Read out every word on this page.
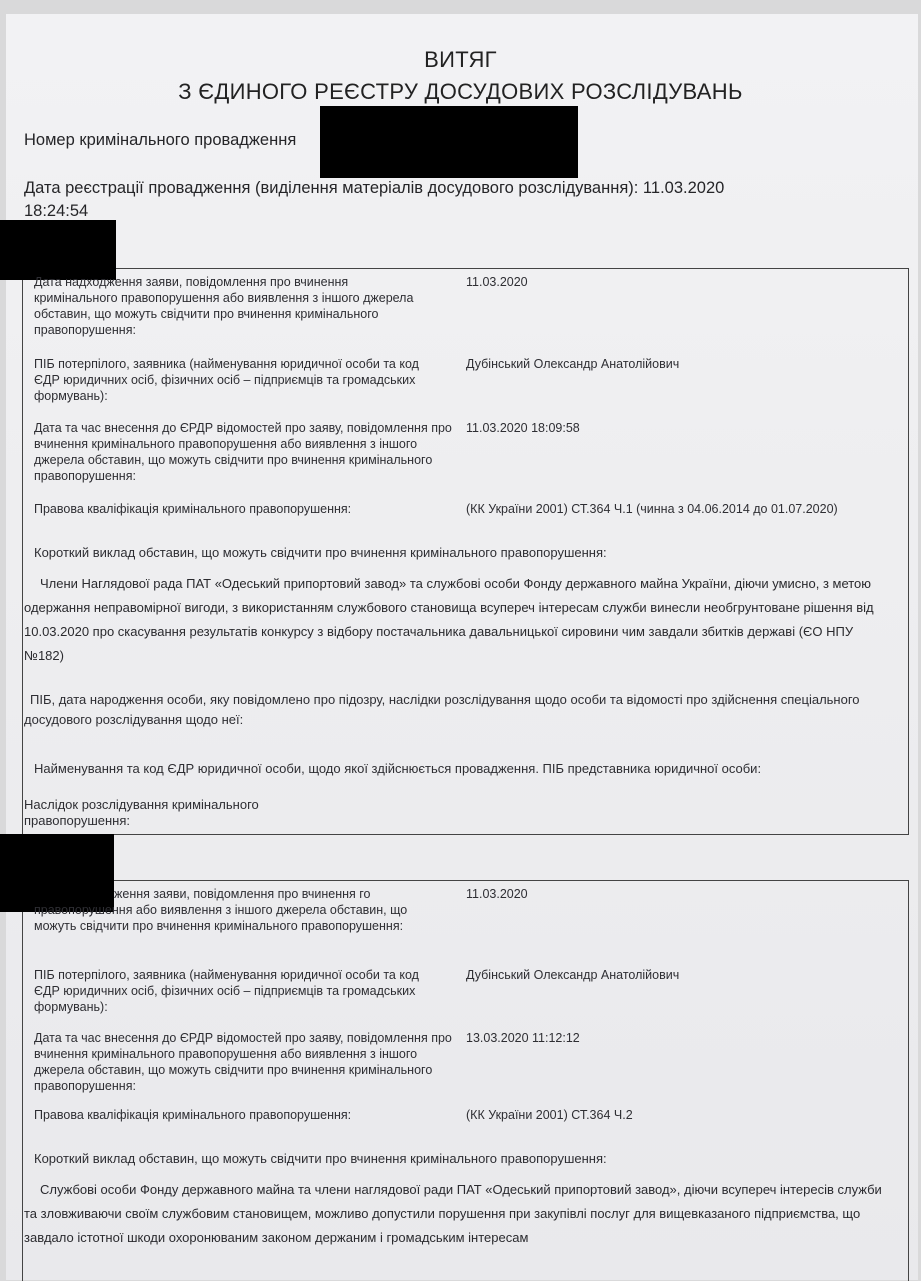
ВИТЯГ
З ЄДИНОГО РЕЄСТРУ ДОСУДОВИХ РОЗСЛІДУВАНЬ
Номер кримінального провадження
Дата реєстрації провадження (виділення матеріалів досудового розслідування): 11.03.2020
18:24:54
Дата надходження заяви, повідомлення про вчинення кримінального правопорушення або виявлення з іншого джерела обставин, що можуть свідчити про вчинення кримінального правопорушення:
11.03.2020
ПІБ потерпілого, заявника (найменування юридичної особи та код ЄДР юридичних осіб, фізичних осіб – підприємців та громадських формувань):
Дубінський Олександр Анатолійович
Дата та час внесення до ЄРДР відомостей про заяву, повідомлення про вчинення кримінального правопорушення або виявлення з іншого джерела обставин, що можуть свідчити про вчинення кримінального правопорушення:
11.03.2020 18:09:58
Правова кваліфікація кримінального правопорушення:	(КК України 2001) СТ.364 Ч.1 (чинна з 04.06.2014 до 01.07.2020)
Короткий виклад обставин, що можуть свідчити про вчинення кримінального правопорушення:
Члени Наглядової рада ПАТ «Одеський припортовий завод» та службові особи Фонду державного майна України, діючи умисно, з метою одержання неправомірної вигоди, з використанням службового становища всупереч інтересам служби винесли необгрунтоване рішення від 10.03.2020 про скасування результатів конкурсу з відбору постачальника давальницької сировини чим завдали збитків державі (ЄО НПУ №182)
ПІБ, дата народження особи, яку повідомлено про підозру, наслідки розслідування щодо особи та відомості про здійснення спеціального досудового розслідування щодо неї:
Найменування та код ЄДР юридичної особи, щодо якої здійснюється провадження. ПІБ представника юридичної особи:
Наслідок розслідування кримінального правопорушення:
ження заяви, повідомлення про вчинення го правопорушення або виявлення з іншого джерела обставин, що можуть свідчити про вчинення кримінального правопорушення:
11.03.2020
ПІБ потерпілого, заявника (найменування юридичної особи та код ЄДР юридичних осіб, фізичних осіб – підприємців та громадських формувань):
Дубінський Олександр Анатолійович
Дата та час внесення до ЄРДР відомостей про заяву, повідомлення про вчинення кримінального правопорушення або виявлення з іншого джерела обставин, що можуть свідчити про вчинення кримінального правопорушення:
13.03.2020 11:12:12
Правова кваліфікація кримінального правопорушення:	(КК України 2001) СТ.364 Ч.2
Короткий виклад обставин, що можуть свідчити про вчинення кримінального правопорушення:
Службові особи Фонду державного майна та члени наглядової ради ПАТ «Одеський припортовий завод», діючи всупереч інтересів служби та зловживаючи своїм службовим становищем, можливо допустили порушення при закупівлі послуг для вищевказаного підприємства, що завдало істотної шкоди охоронюваним законом держаним і громадським інтересам
